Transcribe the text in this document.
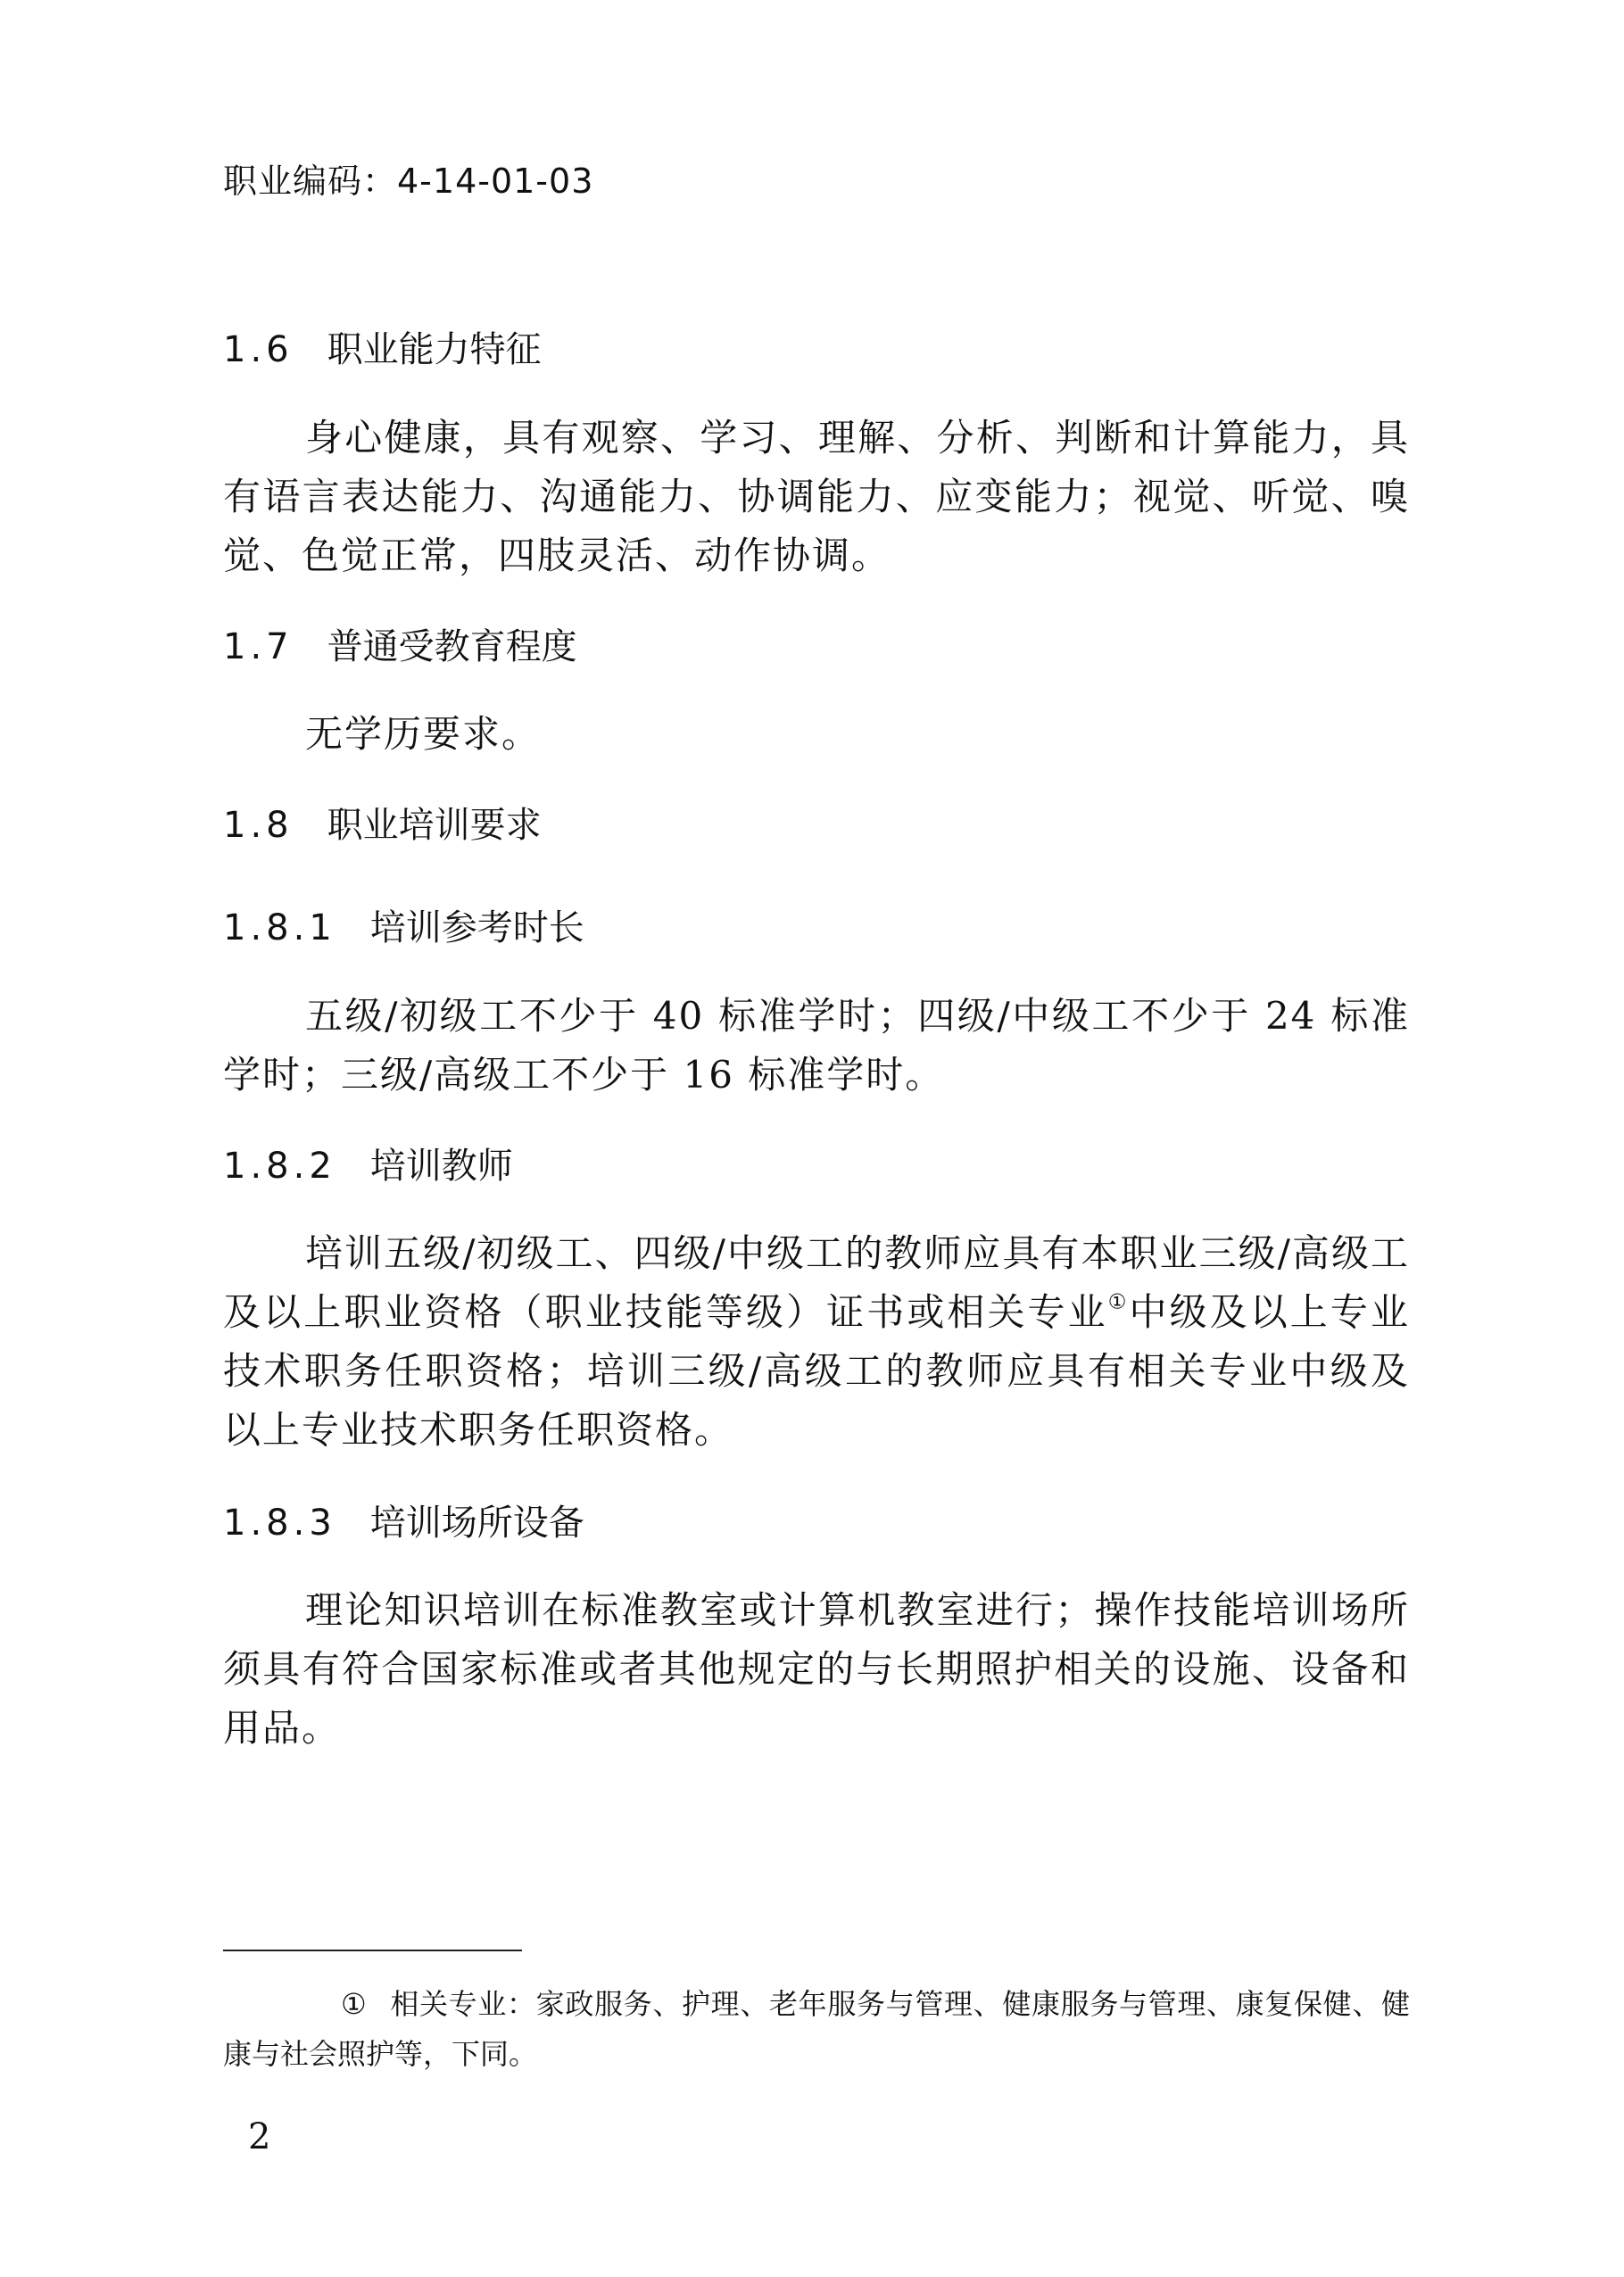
职业编码：4-14-01-03
1.6 职业能力特征
身心健康，具有观察、学习、理解、分析、判断和计算能力，具有语言表达能力、沟通能力、协调能力、应变能力；视觉、听觉、嗅觉、色觉正常，四肢灵活、动作协调。
1.7 普通受教育程度
无学历要求。
1.8 职业培训要求
1.8.1 培训参考时长
五级/初级工不少于 40 标准学时；四级/中级工不少于 24 标准学时；三级/高级工不少于 16 标准学时。
1.8.2 培训教师
培训五级/初级工、四级/中级工的教师应具有本职业三级/高级工及以上职业资格（职业技能等级）证书或相关专业①中级及以上专业技术职务任职资格；培训三级/高级工的教师应具有相关专业中级及以上专业技术职务任职资格。
1.8.3 培训场所设备
理论知识培训在标准教室或计算机教室进行；操作技能培训场所须具有符合国家标准或者其他规定的与长期照护相关的设施、设备和用品。
① 相关专业：家政服务、护理、老年服务与管理、健康服务与管理、康复保健、健康与社会照护等，下同。
2
